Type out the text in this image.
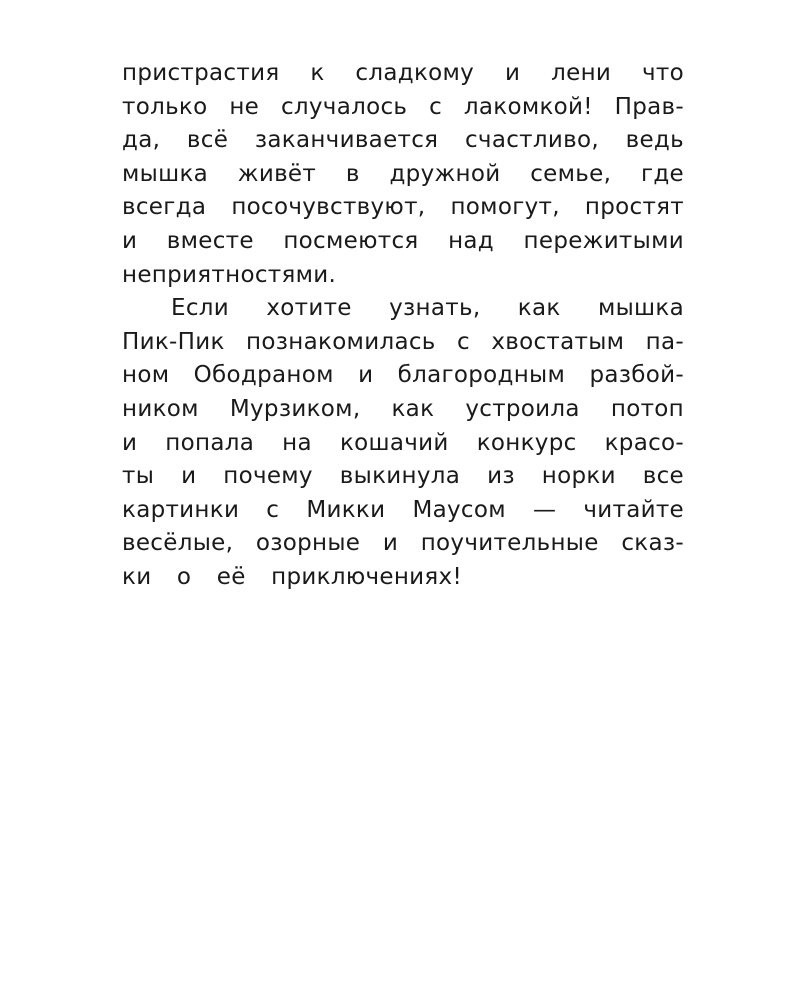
пристрастия к сладкому и лени что
только не случалось с лакомкой! Прав-
да, всё заканчивается счастливо, ведь
мышка живёт в дружной семье, где
всегда посочувствуют, помогут, простят
и вместе посмеются над пережитыми
неприятностями.
Если хотите узнать, как мышка
Пик-Пик познакомилась с хвостатым па-
ном Ободраном и благородным разбой-
ником Мурзиком, как устроила потоп
и попала на кошачий конкурс красо-
ты и почему выкинула из норки все
картинки с Микки Маусом — читайте
весёлые, озорные и поучительные сказ-
ки о её приключениях!
